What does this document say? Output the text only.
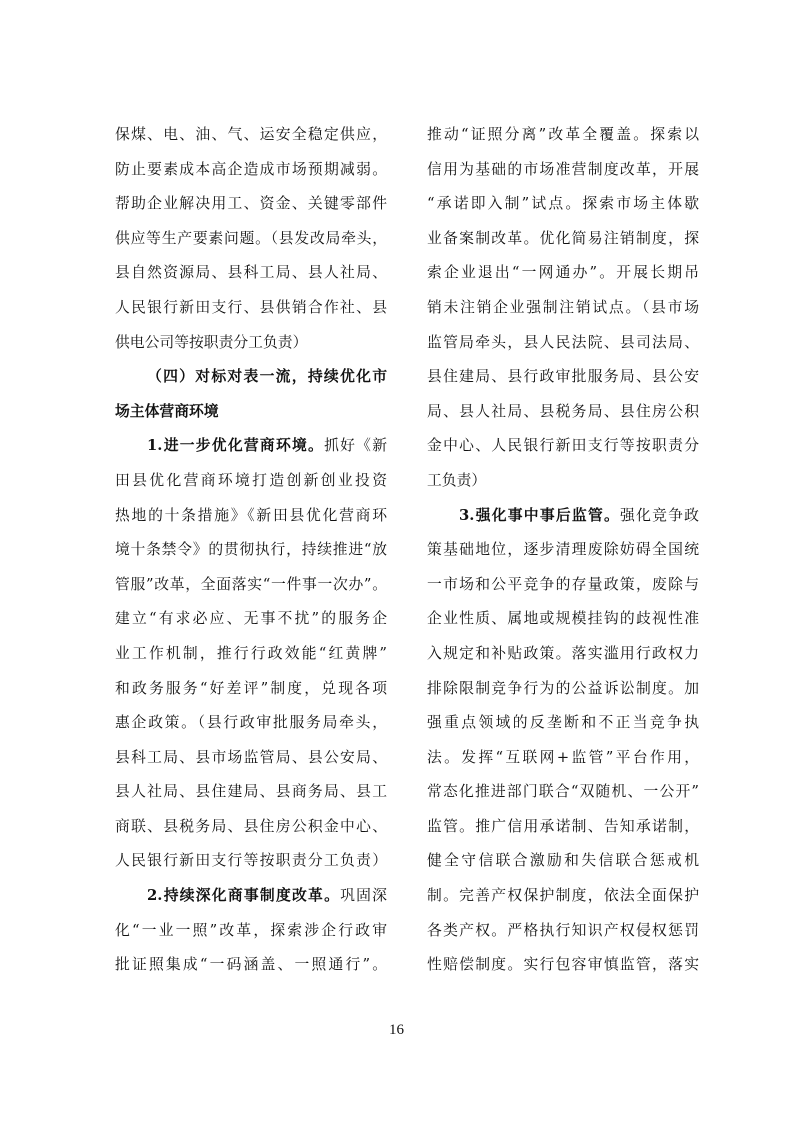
保煤、电、油、气、运安全稳定供应，
防止要素成本高企造成市场预期减弱。
帮助企业解决用工、资金、关键零部件
供应等生产要素问题。（县发改局牵头，
县自然资源局、县科工局、县人社局、
人民银行新田支行、县供销合作社、县
供电公司等按职责分工负责）
（四）对标对表一流，持续优化市
场主体营商环境
1.进一步优化营商环境。抓好《新
田县优化营商环境打造创新创业投资
热地的十条措施》《新田县优化营商环
境十条禁令》的贯彻执行，持续推进“放
管服”改革，全面落实“一件事一次办”。
建立“有求必应、无事不扰”的服务企
业工作机制，推行行政效能“红黄牌”
和政务服务“好差评”制度，兑现各项
惠企政策。（县行政审批服务局牵头，
县科工局、县市场监管局、县公安局、
县人社局、县住建局、县商务局、县工
商联、县税务局、县住房公积金中心、
人民银行新田支行等按职责分工负责）
2.持续深化商事制度改革。巩固深
化“一业一照”改革，探索涉企行政审
批证照集成“一码涵盖、一照通行”。
推动“证照分离”改革全覆盖。探索以
信用为基础的市场准营制度改革，开展
“承诺即入制”试点。探索市场主体歇
业备案制改革。优化简易注销制度，探
索企业退出“一网通办”。开展长期吊
销未注销企业强制注销试点。（县市场
监管局牵头，县人民法院、县司法局、
县住建局、县行政审批服务局、县公安
局、县人社局、县税务局、县住房公积
金中心、人民银行新田支行等按职责分
工负责）
3.强化事中事后监管。强化竞争政
策基础地位，逐步清理废除妨碍全国统
一市场和公平竞争的存量政策，废除与
企业性质、属地或规模挂钩的歧视性准
入规定和补贴政策。落实滥用行政权力
排除限制竞争行为的公益诉讼制度。加
强重点领域的反垄断和不正当竞争执
法。发挥“互联网+监管”平台作用，
常态化推进部门联合“双随机、一公开”
监管。推广信用承诺制、告知承诺制，
健全守信联合激励和失信联合惩戒机
制。完善产权保护制度，依法全面保护
各类产权。严格执行知识产权侵权惩罚
性赔偿制度。实行包容审慎监管，落实
16
